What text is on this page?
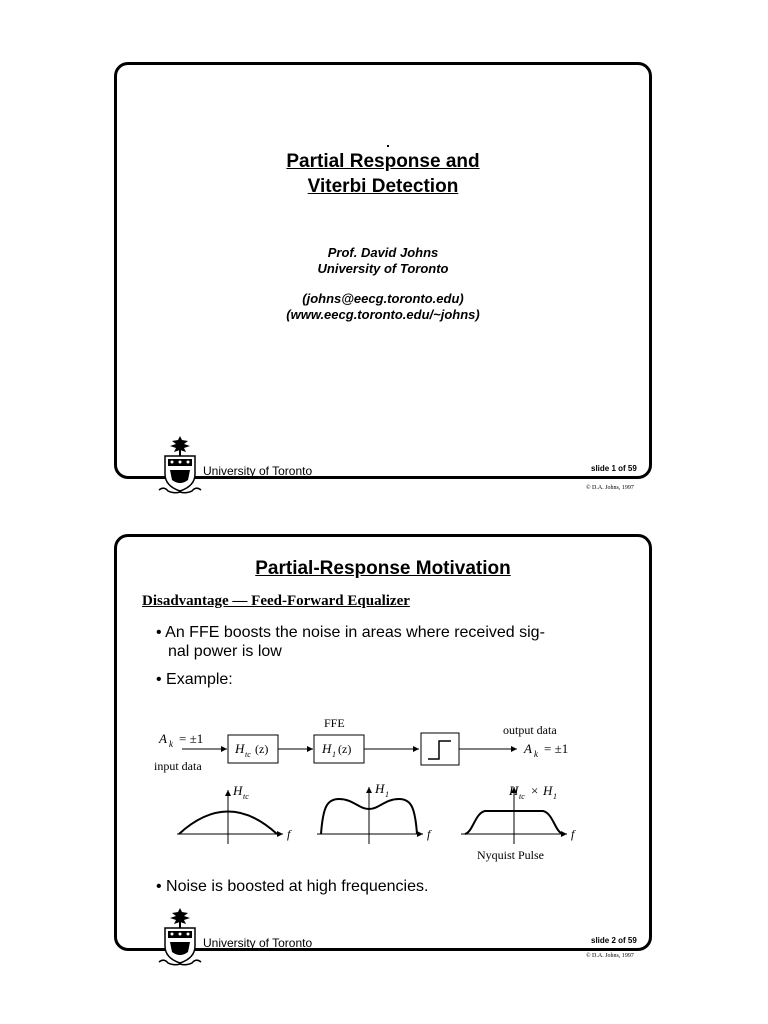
Partial Response and
Viterbi Detection
Prof. David Johns
University of Toronto
(johns@eecg.toronto.edu)
(www.eecg.toronto.edu/~johns)
University of Toronto	slide 1 of 59
© D.A. Johns, 1997
Partial-Response Motivation
Disadvantage — Feed-Forward Equalizer
• An FFE boosts the noise in areas where received sig-
nal power is low
• Example:
• Noise is boosted at high frequencies.
A k = ±1
input data
H tc (z)
FFE
H 1 (z)
output data
A k = ±1
H tc
f
H 1
f
H tc × H 1
f
Nyquist Pulse
University of Toronto	slide 2 of 59
© D.A. Johns, 1997
